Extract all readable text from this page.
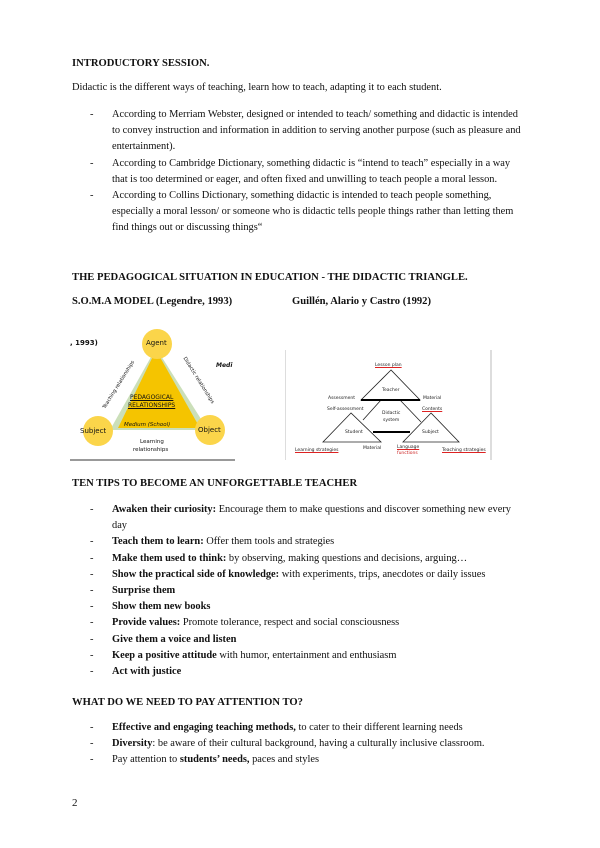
INTRODUCTORY SESSION.
Didactic is the different ways of teaching, learn how to teach, adapting it to each student.
- According to Merriam Webster, designed or intended to teach/ something and didactic is intended to convey instruction and information in addition to serving another purpose (such as pleasure and entertainment).
- According to Cambridge Dictionary, something didactic is “intend to teach” especially in a way that is too determined or eager, and often fixed and unwilling to teach people a moral lesson.
- According to Collins Dictionary, something didactic is intended to teach people something, especially a moral lesson/ or someone who is didactic tells people things rather than letting them find things out or discussing things“
THE PEDAGOGICAL SITUATION IN EDUCATION - THE DIDACTIC TRIANGLE.
S.O.M.A MODEL (Legendre, 1993)	Guillén, Alario y Castro (1992)
, 1993)	Agent
Subject	Object
PEDAGOGICAL
RELATIONSHIPS
Medium (School)
Teaching relationships	Didactic relationships
Learning
relationships
Medi	Lesson plan
Teacher
Assessment	Material
Self-assessment
Didactic
system
Contents
Student	Subject
Learning strategies	Material	Language
functions
Teaching strategies
TEN TIPS TO BECOME AN UNFORGETTABLE TEACHER
- Awaken their curiosity: Encourage them to make questions and discover something new every day
- Teach them to learn: Offer them tools and strategies
- Make them used to think: by observing, making questions and decisions, arguing…
- Show the practical side of knowledge: with experiments, trips, anecdotes or daily issues
- Surprise them
- Show them new books
- Provide values: Promote tolerance, respect and social consciousness
- Give them a voice and listen
- Keep a positive attitude with humor, entertainment and enthusiasm
- Act with justice
WHAT DO WE NEED TO PAY ATTENTION TO?
- Effective and engaging teaching methods, to cater to their different learning needs
- Diversity: be aware of their cultural background, having a culturally inclusive classroom.
- Pay attention to students’ needs, paces and styles
2
